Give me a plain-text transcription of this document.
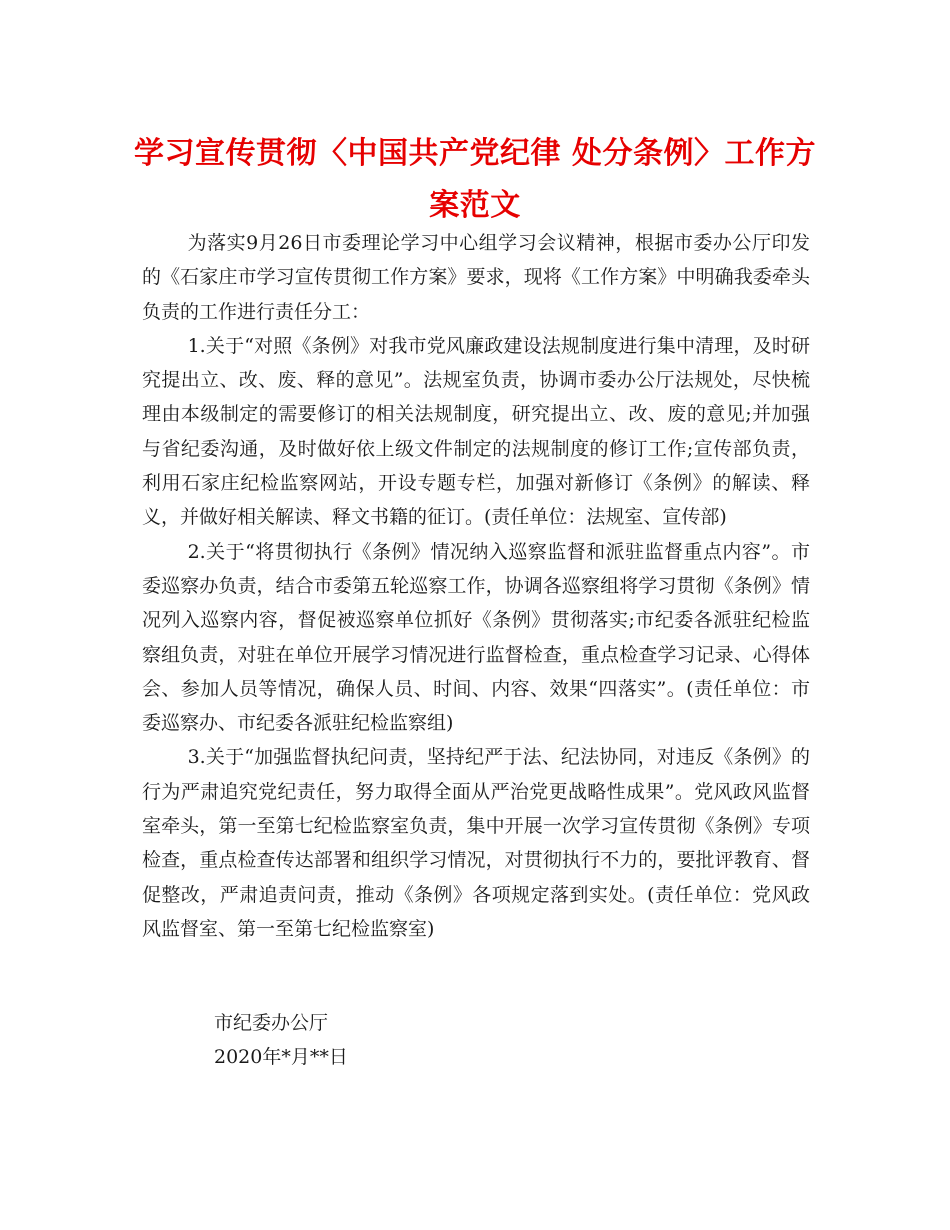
学习宣传贯彻〈中国共产党纪律 处分条例〉工作方案范文

为落实9月26日市委理论学习中心组学习会议精神，根据市委办公厅印发的《石家庄市学习宣传贯彻工作方案》要求，现将《工作方案》中明确我委牵头负责的工作进行责任分工：

1.关于“对照《条例》对我市党风廉政建设法规制度进行集中清理，及时研究提出立、改、废、释的意见”。法规室负责，协调市委办公厅法规处，尽快梳理由本级制定的需要修订的相关法规制度，研究提出立、改、废的意见;并加强与省纪委沟通，及时做好依上级文件制定的法规制度的修订工作;宣传部负责，利用石家庄纪检监察网站，开设专题专栏，加强对新修订《条例》的解读、释义，并做好相关解读、释文书籍的征订。(责任单位：法规室、宣传部)

2.关于“将贯彻执行《条例》情况纳入巡察监督和派驻监督重点内容”。市委巡察办负责，结合市委第五轮巡察工作，协调各巡察组将学习贯彻《条例》情况列入巡察内容，督促被巡察单位抓好《条例》贯彻落实;市纪委各派驻纪检监察组负责，对驻在单位开展学习情况进行监督检查，重点检查学习记录、心得体会、参加人员等情况，确保人员、时间、内容、效果“四落实”。(责任单位：市委巡察办、市纪委各派驻纪检监察组)

3.关于“加强监督执纪问责，坚持纪严于法、纪法协同，对违反《条例》的行为严肃追究党纪责任，努力取得全面从严治党更战略性成果”。党风政风监督室牵头，第一至第七纪检监察室负责，集中开展一次学习宣传贯彻《条例》专项检查，重点检查传达部署和组织学习情况，对贯彻执行不力的，要批评教育、督促整改，严肃追责问责，推动《条例》各项规定落到实处。(责任单位：党风政风监督室、第一至第七纪检监察室)

市纪委办公厅
2020年*月**日
